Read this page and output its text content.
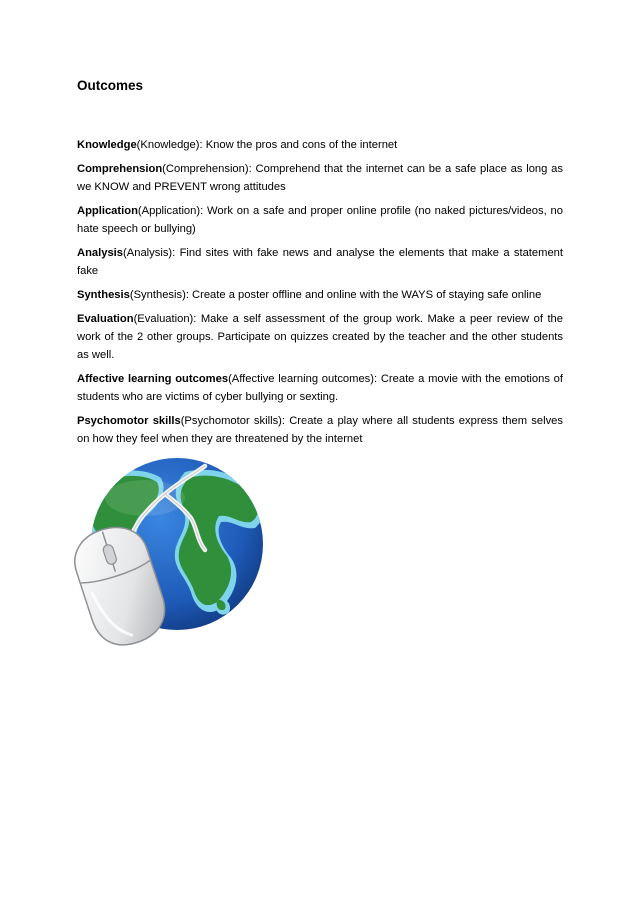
Outcomes

Knowledge(Knowledge): Know the pros and cons of the internet

Comprehension(Comprehension): Comprehend that the internet can be a safe place as long as we KNOW and PREVENT wrong attitudes

Application(Application): Work on a safe and proper online profile (no naked pictures/videos, no hate speech or bullying)

Analysis(Analysis): Find sites with fake news and analyse the elements that make a statement fake

Synthesis(Synthesis): Create a poster offline and online with the WAYS of staying safe online

Evaluation(Evaluation): Make a self assessment of the group work. Make a peer review of the work of the 2 other groups. Participate on quizzes created by the teacher and the other students as well.

Affective learning outcomes(Affective learning outcomes): Create a movie with the emotions of students who are victims of cyber bullying or sexting.

Psychomotor skills(Psychomotor skills): Create a play where all students express them selves on how they feel when they are threatened by the internet
